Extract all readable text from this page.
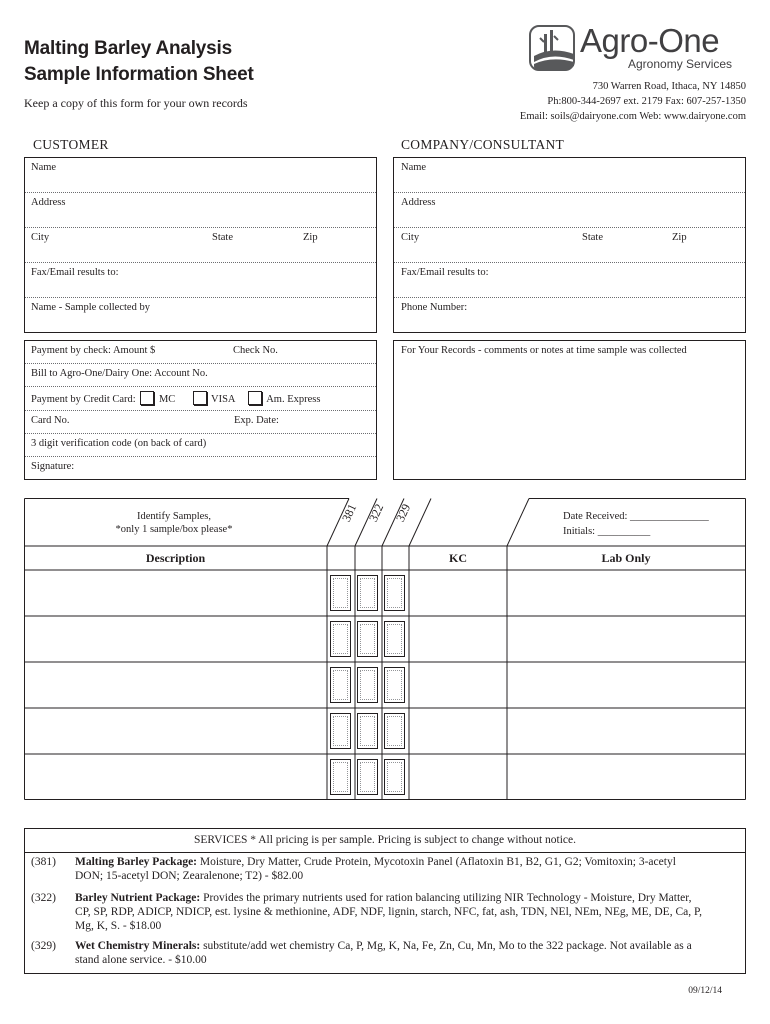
Malting Barley Analysis
Sample Information Sheet
Keep a copy of this form for your own records
Agro-One
Agronomy Services
730 Warren Road, Ithaca, NY 14850
Ph:800-344-2697 ext. 2179 Fax: 607-257-1350
Email: soils@dairyone.com Web: www.dairyone.com
CUSTOMER	COMPANY/CONSULTANT
Name
Address
City	State	Zip
Fax/Email results to:
Name - Sample collected by
Name
Address
City	State	Zip
Fax/Email results to:
Phone Number:
Payment by check: Amount $	Check No.
Bill to Agro-One/Dairy One: Account No.
Payment by Credit Card: MC	VISA	Am. Express
Card No.	Exp. Date:
3 digit verification code (on back of card)
Signature:
For Your Records - comments or notes at time sample was collected
Identify Samples,
*only 1 sample/box please*
381 322 329	Date Received: _______________
Initials: __________
Description	KC	Lab Only
SERVICES * All pricing is per sample. Pricing is subject to change without notice.
(381) Malting Barley Package: Moisture, Dry Matter, Crude Protein, Mycotoxin Panel (Aflatoxin B1, B2, G1, G2; Vomitoxin; 3-acetyl

DON; 15-acetyl DON; Zearalenone; T2) - $82.00

(322) Barley Nutrient Package: Provides the primary nutrients used for ration balancing utilizing NIR Technology - Moisture, Dry Matter,

CP, SP, RDP, ADICP, NDICP, est. lysine & methionine, ADF, NDF, lignin, starch, NFC, fat, ash, TDN, NEl, NEm, NEg, ME, DE, Ca, P,

Mg, K, S. - $18.00

(329) Wet Chemistry Minerals: substitute/add wet chemistry Ca, P, Mg, K, Na, Fe, Zn, Cu, Mn, Mo to the 322 package. Not available as a

stand alone service. - $10.00

09/12/14
